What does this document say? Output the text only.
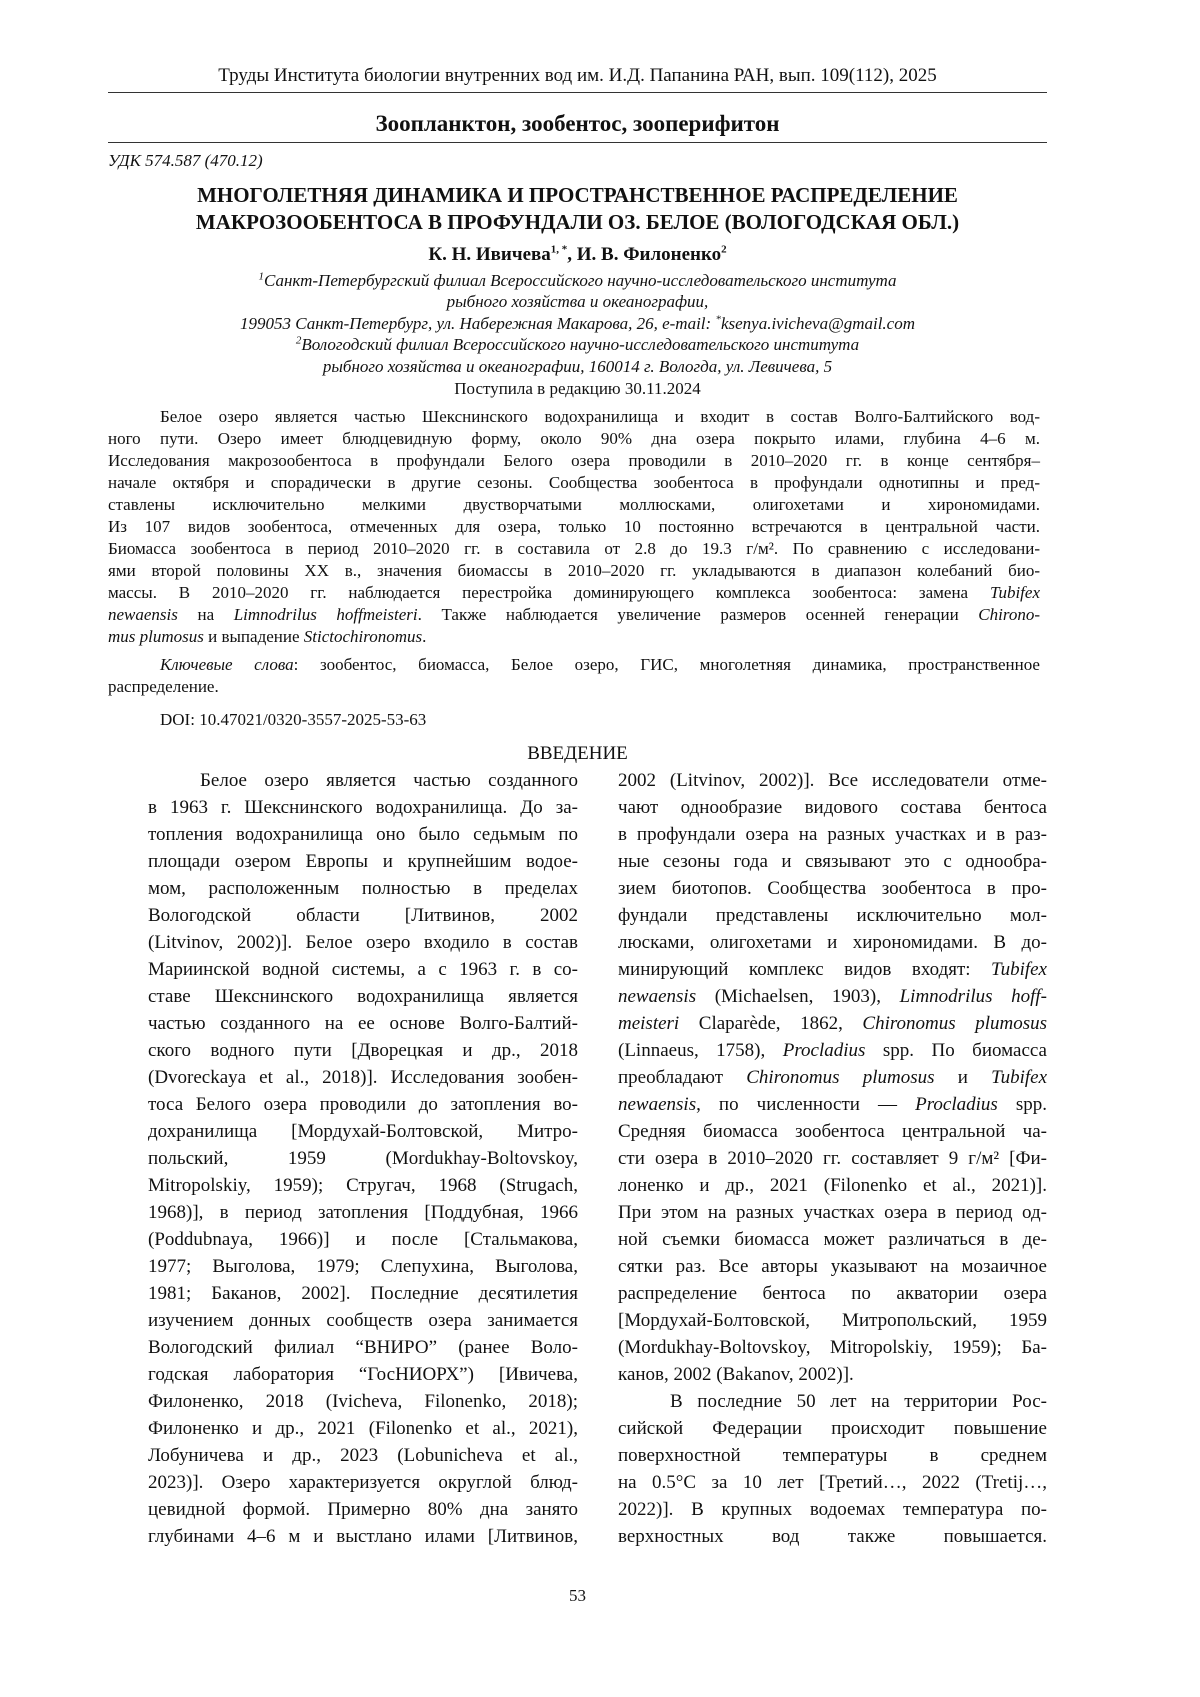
Труды Института биологии внутренних вод им. И.Д. Папанина РАН, вып. 109(112), 2025
Зоопланктон, зообентос, зооперифитон
УДК 574.587 (470.12)
МНОГОЛЕТНЯЯ ДИНАМИКА И ПРОСТРАНСТВЕННОЕ РАСПРЕДЕЛЕНИЕ
МАКРОЗООБЕНТОСА В ПРОФУНДАЛИ ОЗ. БЕЛОЕ (ВОЛОГОДСКАЯ ОБЛ.)
К. Н. Ивичева1, *, И. В. Филоненко2
1Санкт-Петербургский филиал Всероссийского научно-исследовательского института
рыбного хозяйства и океанографии,
199053 Санкт-Петербург, ул. Набережная Макарова, 26, e-mail: *ksenya.ivicheva@gmail.com
2Вологодский филиал Всероссийского научно-исследовательского института
рыбного хозяйства и океанографии, 160014 г. Вологда, ул. Левичева, 5
Поступила в редакцию 30.11.2024
Белое озеро является частью Шекснинского водохранилища и входит в состав Волго-Балтийского вод-
ного пути. Озеро имеет блюдцевидную форму, около 90% дна озера покрыто илами, глубина 4–6 м.
Исследования макрозообентоса в профундали Белого озера проводили в 2010–2020 гг. в конце сентября–
начале октября и спорадически в другие сезоны. Сообщества зообентоса в профундали однотипны и пред-
ставлены исключительно мелкими двустворчатыми моллюсками, олигохетами и хирономидами.
Из 107 видов зообентоса, отмеченных для озера, только 10 постоянно встречаются в центральной части.
Биомасса зообентоса в период 2010–2020 гг. в составила от 2.8 до 19.3 г/м². По сравнению с исследовани-
ями второй половины XX в., значения биомассы в 2010–2020 гг. укладываются в диапазон колебаний био-
массы. В 2010–2020 гг. наблюдается перестройка доминирующего комплекса зообентоса: замена Tubifex
newaensis на Limnodrilus hoffmeisteri. Также наблюдается увеличение размеров осенней генерации Chirono-
mus plumosus и выпадение Stictochironomus.
Ключевые слова: зообентос, биомасса, Белое озеро, ГИС, многолетняя динамика, пространственное
распределение.
DOI: 10.47021/0320-3557-2025-53-63
ВВЕДЕНИЕ
Белое озеро является частью созданного
в 1963 г. Шекснинского водохранилища. До за-
топления водохранилища оно было седьмым по
площади озером Европы и крупнейшим водое-
мом, расположенным полностью в пределах
Вологодской области [Литвинов, 2002
(Litvinov, 2002)]. Белое озеро входило в состав
Мариинской водной системы, а с 1963 г. в со-
ставе Шекснинского водохранилища является
частью созданного на ее основе Волго-Балтий-
ского водного пути [Дворецкая и др., 2018
(Dvoreckaya et al., 2018)]. Исследования зообен-
тоса Белого озера проводили до затопления во-
дохранилища [Мордухай-Болтовской, Митро-
польский, 1959 (Mordukhay-Boltovskoy,
Mitropolskiy, 1959); Стругач, 1968 (Strugach,
1968)], в период затопления [Поддубная, 1966
(Poddubnaya, 1966)] и после [Стальмакова,
1977; Выголова, 1979; Слепухина, Выголова,
1981; Баканов, 2002]. Последние десятилетия
изучением донных сообществ озера занимается
Вологодский филиал “ВНИРО” (ранее Воло-
годская лаборатория “ГосНИОРХ”) [Ивичева,
Филоненко, 2018 (Ivicheva, Filonenko, 2018);
Филоненко и др., 2021 (Filonenko et al., 2021),
Лобуничева и др., 2023 (Lobunicheva et al.,
2023)]. Озеро характеризуется округлой блюд-
цевидной формой. Примерно 80% дна занято
глубинами 4–6 м и выстлано илами [Литвинов,
2002 (Litvinov, 2002)]. Все исследователи отме-
чают однообразие видового состава бентоса
в профундали озера на разных участках и в раз-
ные сезоны года и связывают это с однообра-
зием биотопов. Сообщества зообентоса в про-
фундали представлены исключительно мол-
люсками, олигохетами и хирономидами. В до-
минирующий комплекс видов входят: Tubifex
newaensis (Michaelsen, 1903), Limnodrilus hoff-
meisteri Claparède, 1862, Chironomus plumosus
(Linnaeus, 1758), Procladius spp. По биомасса
преобладают Chironomus plumosus и Tubifex
newaensis, по численности — Procladius spp.
Средняя биомасса зообентоса центральной ча-
сти озера в 2010–2020 гг. составляет 9 г/м² [Фи-
лоненко и др., 2021 (Filonenko et al., 2021)].
При этом на разных участках озера в период од-
ной съемки биомасса может различаться в де-
сятки раз. Все авторы указывают на мозаичное
распределение бентоса по акватории озера
[Мордухай-Болтовской, Митропольский, 1959
(Mordukhay-Boltovskoy, Mitropolskiy, 1959); Ба-
канов, 2002 (Bakanov, 2002)].
В последние 50 лет на территории Рос-
сийской Федерации происходит повышение
поверхностной температуры в среднем
на 0.5°С за 10 лет [Третий…, 2022 (Tretij…,
2022)]. В крупных водоемах температура по-
верхностных вод также повышается.
53
